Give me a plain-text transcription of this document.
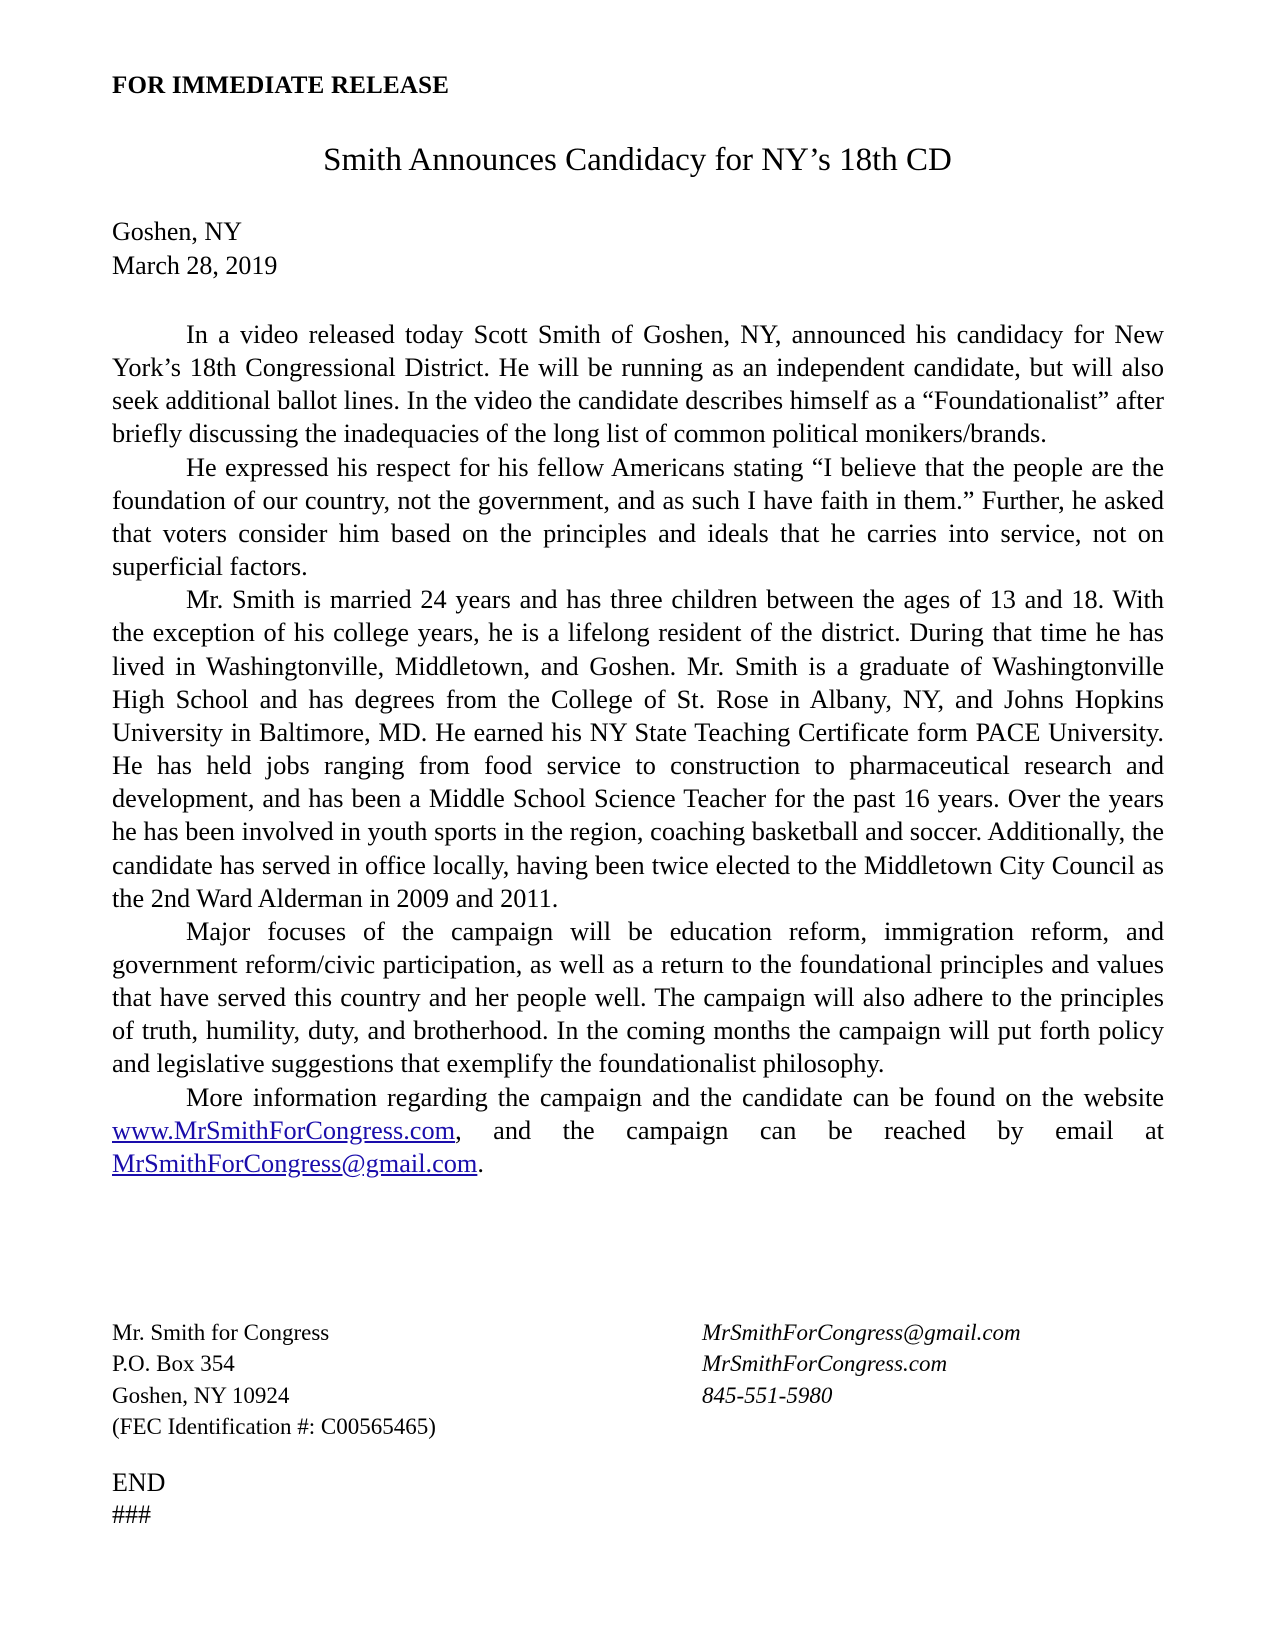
FOR IMMEDIATE RELEASE
Smith Announces Candidacy for NY’s 18th CD
Goshen, NY
March 28, 2019

In a video released today Scott Smith of Goshen, NY, announced his candidacy for New York’s 18th Congressional District. He will be running as an independent candidate, but will also seek additional ballot lines. In the video the candidate describes himself as a “Foundationalist” after briefly discussing the inadequacies of the long list of common political monikers/brands.

He expressed his respect for his fellow Americans stating “I believe that the people are the foundation of our country, not the government, and as such I have faith in them.” Further, he asked that voters consider him based on the principles and ideals that he carries into service, not on superficial factors.

Mr. Smith is married 24 years and has three children between the ages of 13 and 18. With the exception of his college years, he is a lifelong resident of the district. During that time he has lived in Washingtonville, Middletown, and Goshen. Mr. Smith is a graduate of Washingtonville High School and has degrees from the College of St. Rose in Albany, NY, and Johns Hopkins University in Baltimore, MD. He earned his NY State Teaching Certificate form PACE University. He has held jobs ranging from food service to construction to pharmaceutical research and development, and has been a Middle School Science Teacher for the past 16 years. Over the years he has been involved in youth sports in the region, coaching basketball and soccer. Additionally, the candidate has served in office locally, having been twice elected to the Middletown City Council as the 2nd Ward Alderman in 2009 and 2011.

Major focuses of the campaign will be education reform, immigration reform, and government reform/civic participation, as well as a return to the foundational principles and values that have served this country and her people well. The campaign will also adhere to the principles of truth, humility, duty, and brotherhood. In the coming months the campaign will put forth policy and legislative suggestions that exemplify the foundationalist philosophy.

More information regarding the campaign and the candidate can be found on the website www.MrSmithForCongress.com, and the campaign can be reached by email at MrSmithForCongress@gmail.com.

Mr. Smith for Congress
P.O. Box 354
Goshen, NY 10924
(FEC Identification #: C00565465)
MrSmithForCongress@gmail.com
MrSmithForCongress.com
845-551-5980
END
###
